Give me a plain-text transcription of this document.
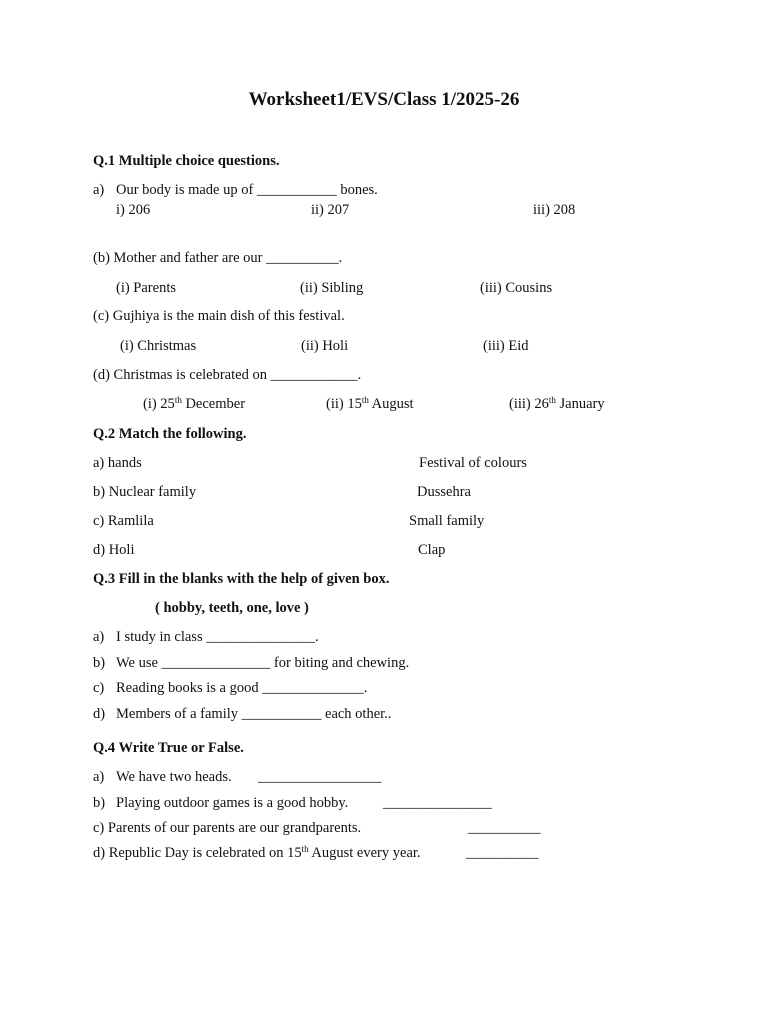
Worksheet1/EVS/Class 1/2025-26
Q.1 Multiple choice questions.
a) Our body is made up of ___________ bones.
i) 206	ii) 207	iii) 208
(b) Mother and father are our __________.
(i) Parents	(ii) Sibling	(iii) Cousins
(c) Gujhiya is the main dish of this festival.
(i) Christmas	(ii) Holi	(iii) Eid
(d) Christmas is celebrated on ____________.
(i) 25th December	(ii) 15th August	(iii) 26th January
Q.2 Match the following.
a) hands	Festival of colours
b) Nuclear family	Dussehra
c) Ramlila	Small family
d) Holi	Clap
Q.3 Fill in the blanks with the help of given box.
( hobby, teeth, one, love )
a) I study in class _______________.
b) We use _______________ for biting and chewing.
c) Reading books is a good ______________.
d) Members of a family ___________ each other..
Q.4 Write True or False.
a) We have two heads. _________________
b) Playing outdoor games is a good hobby. _______________
c) Parents of our parents are our grandparents.	__________
d) Republic Day is celebrated on 15th August every year.	__________
